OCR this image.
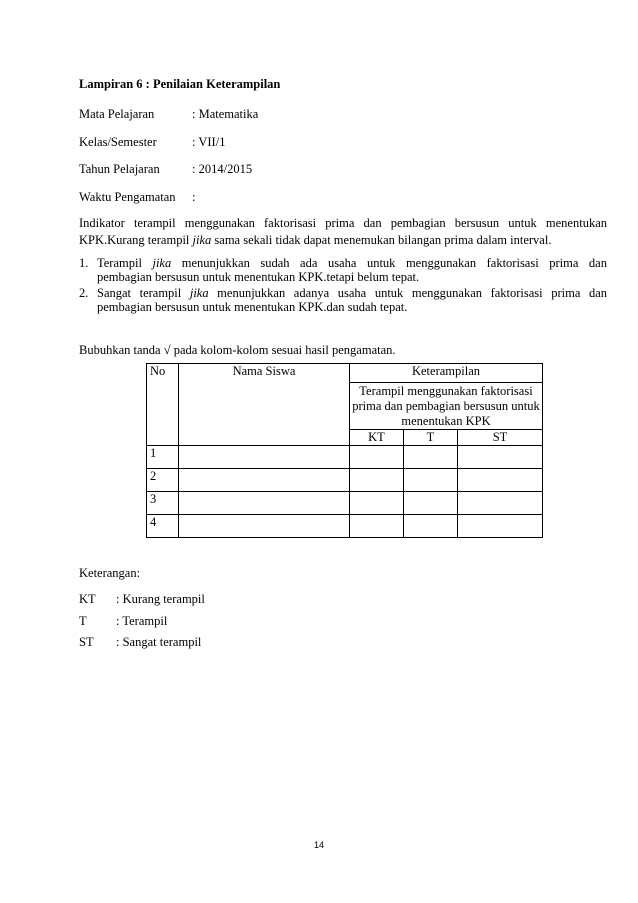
Lampiran 6 : Penilaian Keterampilan
Mata Pelajaran	: Matematika
Kelas/Semester	: VII/1
Tahun Pelajaran	: 2014/2015
Waktu Pengamatan :
Indikator terampil menggunakan faktorisasi prima dan pembagian bersusun untuk menentukan
KPK.Kurang terampil jika sama sekali tidak dapat menemukan bilangan prima dalam interval.
1. Terampil jika menunjukkan sudah ada usaha untuk menggunakan faktorisasi prima dan
pembagian bersusun untuk menentukan KPK.tetapi belum tepat.
2. Sangat terampil jika menunjukkan adanya usaha untuk menggunakan faktorisasi prima dan
pembagian bersusun untuk menentukan KPK.dan sudah tepat.
Bubuhkan tanda √ pada kolom-kolom sesuai hasil pengamatan.
No	Nama Siswa	Keterampilan		
		Terampil menggunakan faktorisasi prima dan pembagian bersusun untuk menentukan KPK		
		KT	T	ST
1				
2				
3				
4				
Keterangan:
KT : Kurang terampil
T : Terampil
ST : Sangat terampil
14
